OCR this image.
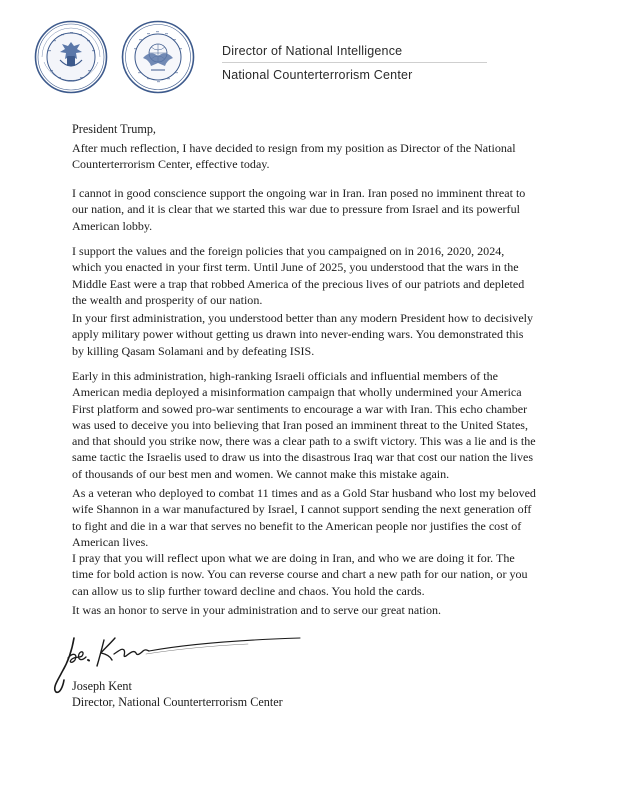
Director of National Intelligence
National Counterterrorism Center
President Trump,

After much reflection, I have decided to resign from my position as Director of the National Counterterrorism Center, effective today.

I cannot in good conscience support the ongoing war in Iran. Iran posed no imminent threat to our nation, and it is clear that we started this war due to pressure from Israel and its powerful American lobby.

I support the values and the foreign policies that you campaigned on in 2016, 2020, 2024, which you enacted in your first term. Until June of 2025, you understood that the wars in the Middle East were a trap that robbed America of the precious lives of our patriots and depleted the wealth and prosperity of our nation.

In your first administration, you understood better than any modern President how to decisively apply military power without getting us drawn into never-ending wars. You demonstrated this by killing Qasam Solamani and by defeating ISIS.

Early in this administration, high-ranking Israeli officials and influential members of the American media deployed a misinformation campaign that wholly undermined your America First platform and sowed pro-war sentiments to encourage a war with Iran. This echo chamber was used to deceive you into believing that Iran posed an imminent threat to the United States, and that should you strike now, there was a clear path to a swift victory. This was a lie and is the same tactic the Israelis used to draw us into the disastrous Iraq war that cost our nation the lives of thousands of our best men and women. We cannot make this mistake again.

As a veteran who deployed to combat 11 times and as a Gold Star husband who lost my beloved wife Shannon in a war manufactured by Israel, I cannot support sending the next generation off to fight and die in a war that serves no benefit to the American people nor justifies the cost of American lives.

I pray that you will reflect upon what we are doing in Iran, and who we are doing it for. The time for bold action is now. You can reverse course and chart a new path for our nation, or you can allow us to slip further toward decline and chaos. You hold the cards.

It was an honor to serve in your administration and to serve our great nation.

Joseph Kent
Director, National Counterterrorism Center
